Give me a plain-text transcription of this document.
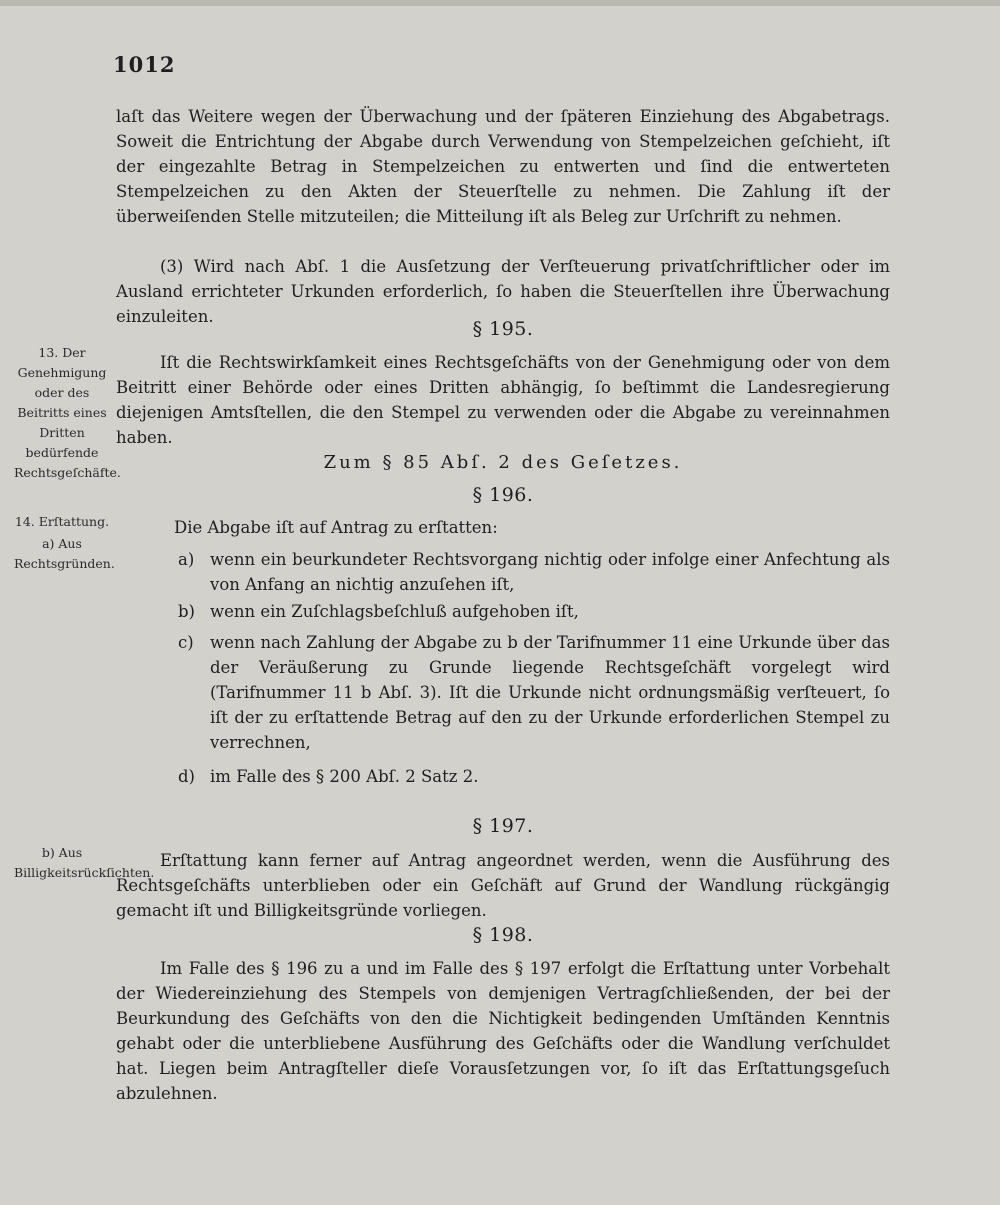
1012

laſt das Weitere wegen der Überwachung und der ſpäteren Einziehung des Abgabetrags. Soweit die Entrichtung der Abgabe durch Verwendung von Stempelzeichen geſchieht, iſt der eingezahlte Betrag in Stempelzeichen zu entwerten und ſind die entwerteten Stempelzeichen zu den Akten der Steuerſtelle zu nehmen. Die Zahlung iſt der überweiſenden Stelle mitzuteilen; die Mitteilung iſt als Beleg zur Urſchrift zu nehmen.

(3) Wird nach Abſ. 1 die Ausſetzung der Verſteuerung privatſchriftlicher oder im Ausland errichteter Urkunden erforderlich, ſo haben die Steuerſtellen ihre Überwachung einzuleiten.

§ 195.

Iſt die Rechtswirkſamkeit eines Rechtsgeſchäfts von der Genehmigung oder von dem Beitritt einer Behörde oder eines Dritten abhängig, ſo beſtimmt die Landesregierung diejenigen Amtsſtellen, die den Stempel zu verwenden oder die Abgabe zu vereinnahmen haben.

Zum § 85 Abſ. 2 des Geſetzes.
§ 196.

Die Abgabe iſt auf Antrag zu erſtatten:

a) wenn ein beurkundeter Rechtsvorgang nichtig oder infolge einer Anfechtung als von Anfang an nichtig anzuſehen iſt,
b) wenn ein Zuſchlagsbeſchluß aufgehoben iſt,
c) wenn nach Zahlung der Abgabe zu b der Tarifnummer 11 eine Urkunde über das der Veräußerung zu Grunde liegende Rechtsgeſchäft vorgelegt wird (Tarifnummer 11 b Abſ. 3). Iſt die Urkunde nicht ordnungsmäßig verſteuert, ſo iſt der zu erſtattende Betrag auf den zu der Urkunde erforderlichen Stempel zu verrechnen,
d) im Falle des § 200 Abſ. 2 Satz 2.
§ 197.

Erſtattung kann ferner auf Antrag angeordnet werden, wenn die Ausführung des Rechtsgeſchäfts unterblieben oder ein Geſchäft auf Grund der Wandlung rückgängig gemacht iſt und Billigkeitsgründe vorliegen.

§ 198.

Im Falle des § 196 zu a und im Falle des § 197 erfolgt die Erſtattung unter Vorbehalt der Wiedereinziehung des Stempels von demjenigen Vertragſchließenden, der bei der Beurkundung des Geſchäfts von den die Nichtigkeit bedingenden Umſtänden Kenntnis gehabt oder die unterbliebene Ausführung des Geſchäfts oder die Wandlung verſchuldet hat. Liegen beim Antragſteller dieſe Vorausſetzungen vor, ſo iſt das Erſtattungsgeſuch abzulehnen.

13. Der Genehmigung oder des Beitritts eines Dritten bedürfende Rechtsgeſchäfte.
14. Erſtattung.
a) Aus Rechtsgründen.
b) Aus Billigkeitsrückſichten.
